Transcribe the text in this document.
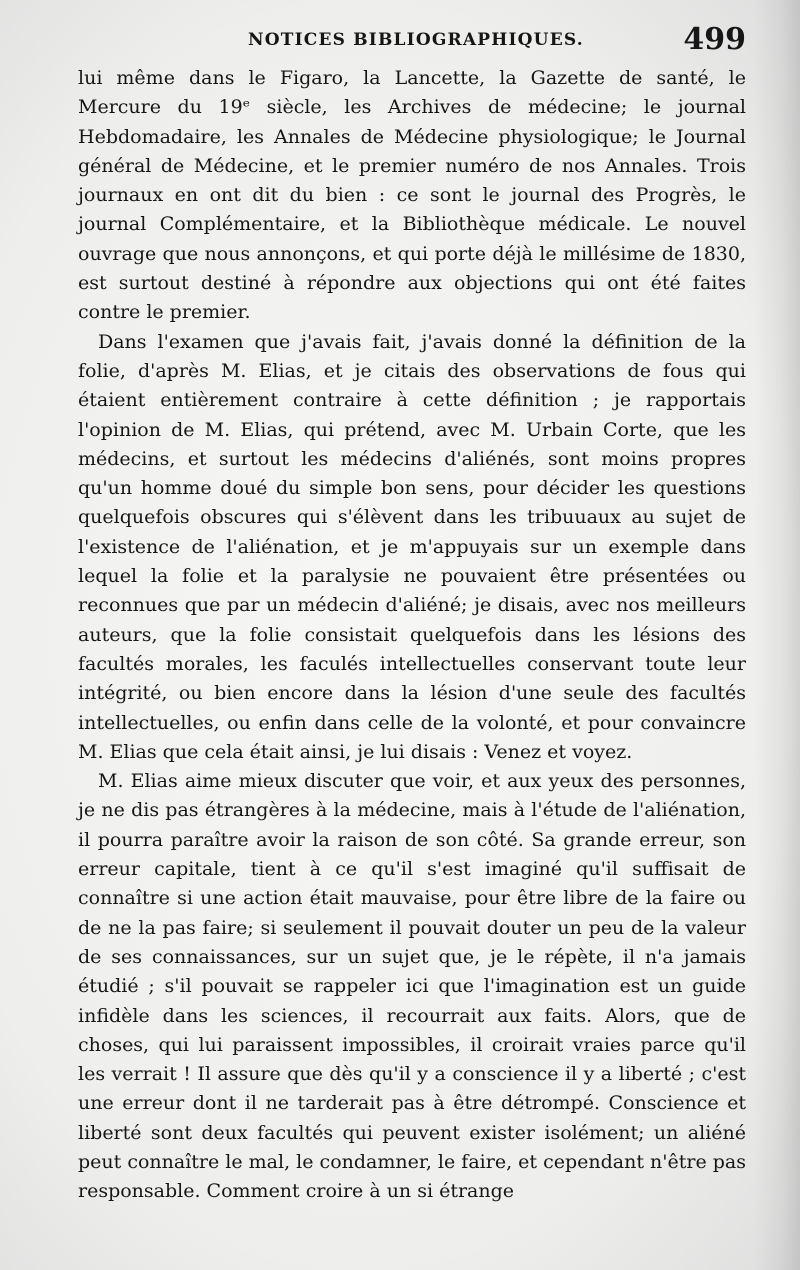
NOTICES BIBLIOGRAPHIQUES.	499

lui même dans le Figaro, la Lancette, la Gazette de santé, le Mercure du 19ᵉ siècle, les Archives de médecine; le journal Hebdomadaire, les Annales de Médecine physiologique; le Journal général de Médecine, et le premier numéro de nos Annales. Trois journaux en ont dit du bien : ce sont le journal des Progrès, le journal Complémentaire, et la Bibliothèque médicale. Le nouvel ouvrage que nous annonçons, et qui porte déjà le millésime de 1830, est surtout destiné à répondre aux objections qui ont été faites contre le premier.

Dans l'examen que j'avais fait, j'avais donné la définition de la folie, d'après M. Elias, et je citais des observations de fous qui étaient entièrement contraire à cette définition ; je rapportais l'opinion de M. Elias, qui prétend, avec M. Urbain Corte, que les médecins, et surtout les médecins d'aliénés, sont moins propres qu'un homme doué du simple bon sens, pour décider les questions quelquefois obscures qui s'élèvent dans les tribuuaux au sujet de l'existence de l'aliénation, et je m'appuyais sur un exemple dans lequel la folie et la paralysie ne pouvaient être présentées ou reconnues que par un médecin d'aliéné; je disais, avec nos meilleurs auteurs, que la folie consistait quelquefois dans les lésions des facultés morales, les faculés intellectuelles conservant toute leur intégrité, ou bien encore dans la lésion d'une seule des facultés intellectuelles, ou enfin dans celle de la volonté, et pour convaincre M. Elias que cela était ainsi, je lui disais : Venez et voyez.

M. Elias aime mieux discuter que voir, et aux yeux des personnes, je ne dis pas étrangères à la médecine, mais à l'étude de l'aliénation, il pourra paraître avoir la raison de son côté. Sa grande erreur, son erreur capitale, tient à ce qu'il s'est imaginé qu'il suffisait de connaître si une action était mauvaise, pour être libre de la faire ou de ne la pas faire; si seulement il pouvait douter un peu de la valeur de ses connaissances, sur un sujet que, je le répète, il n'a jamais étudié ; s'il pouvait se rappeler ici que l'imagination est un guide infidèle dans les sciences, il recourrait aux faits. Alors, que de choses, qui lui paraissent impossibles, il croirait vraies parce qu'il les verrait ! Il assure que dès qu'il y a conscience il y a liberté ; c'est une erreur dont il ne tarderait pas à être détrompé. Conscience et liberté sont deux facultés qui peuvent exister isolément; un aliéné peut connaître le mal, le condamner, le faire, et cependant n'être pas responsable. Comment croire à un si étrange
